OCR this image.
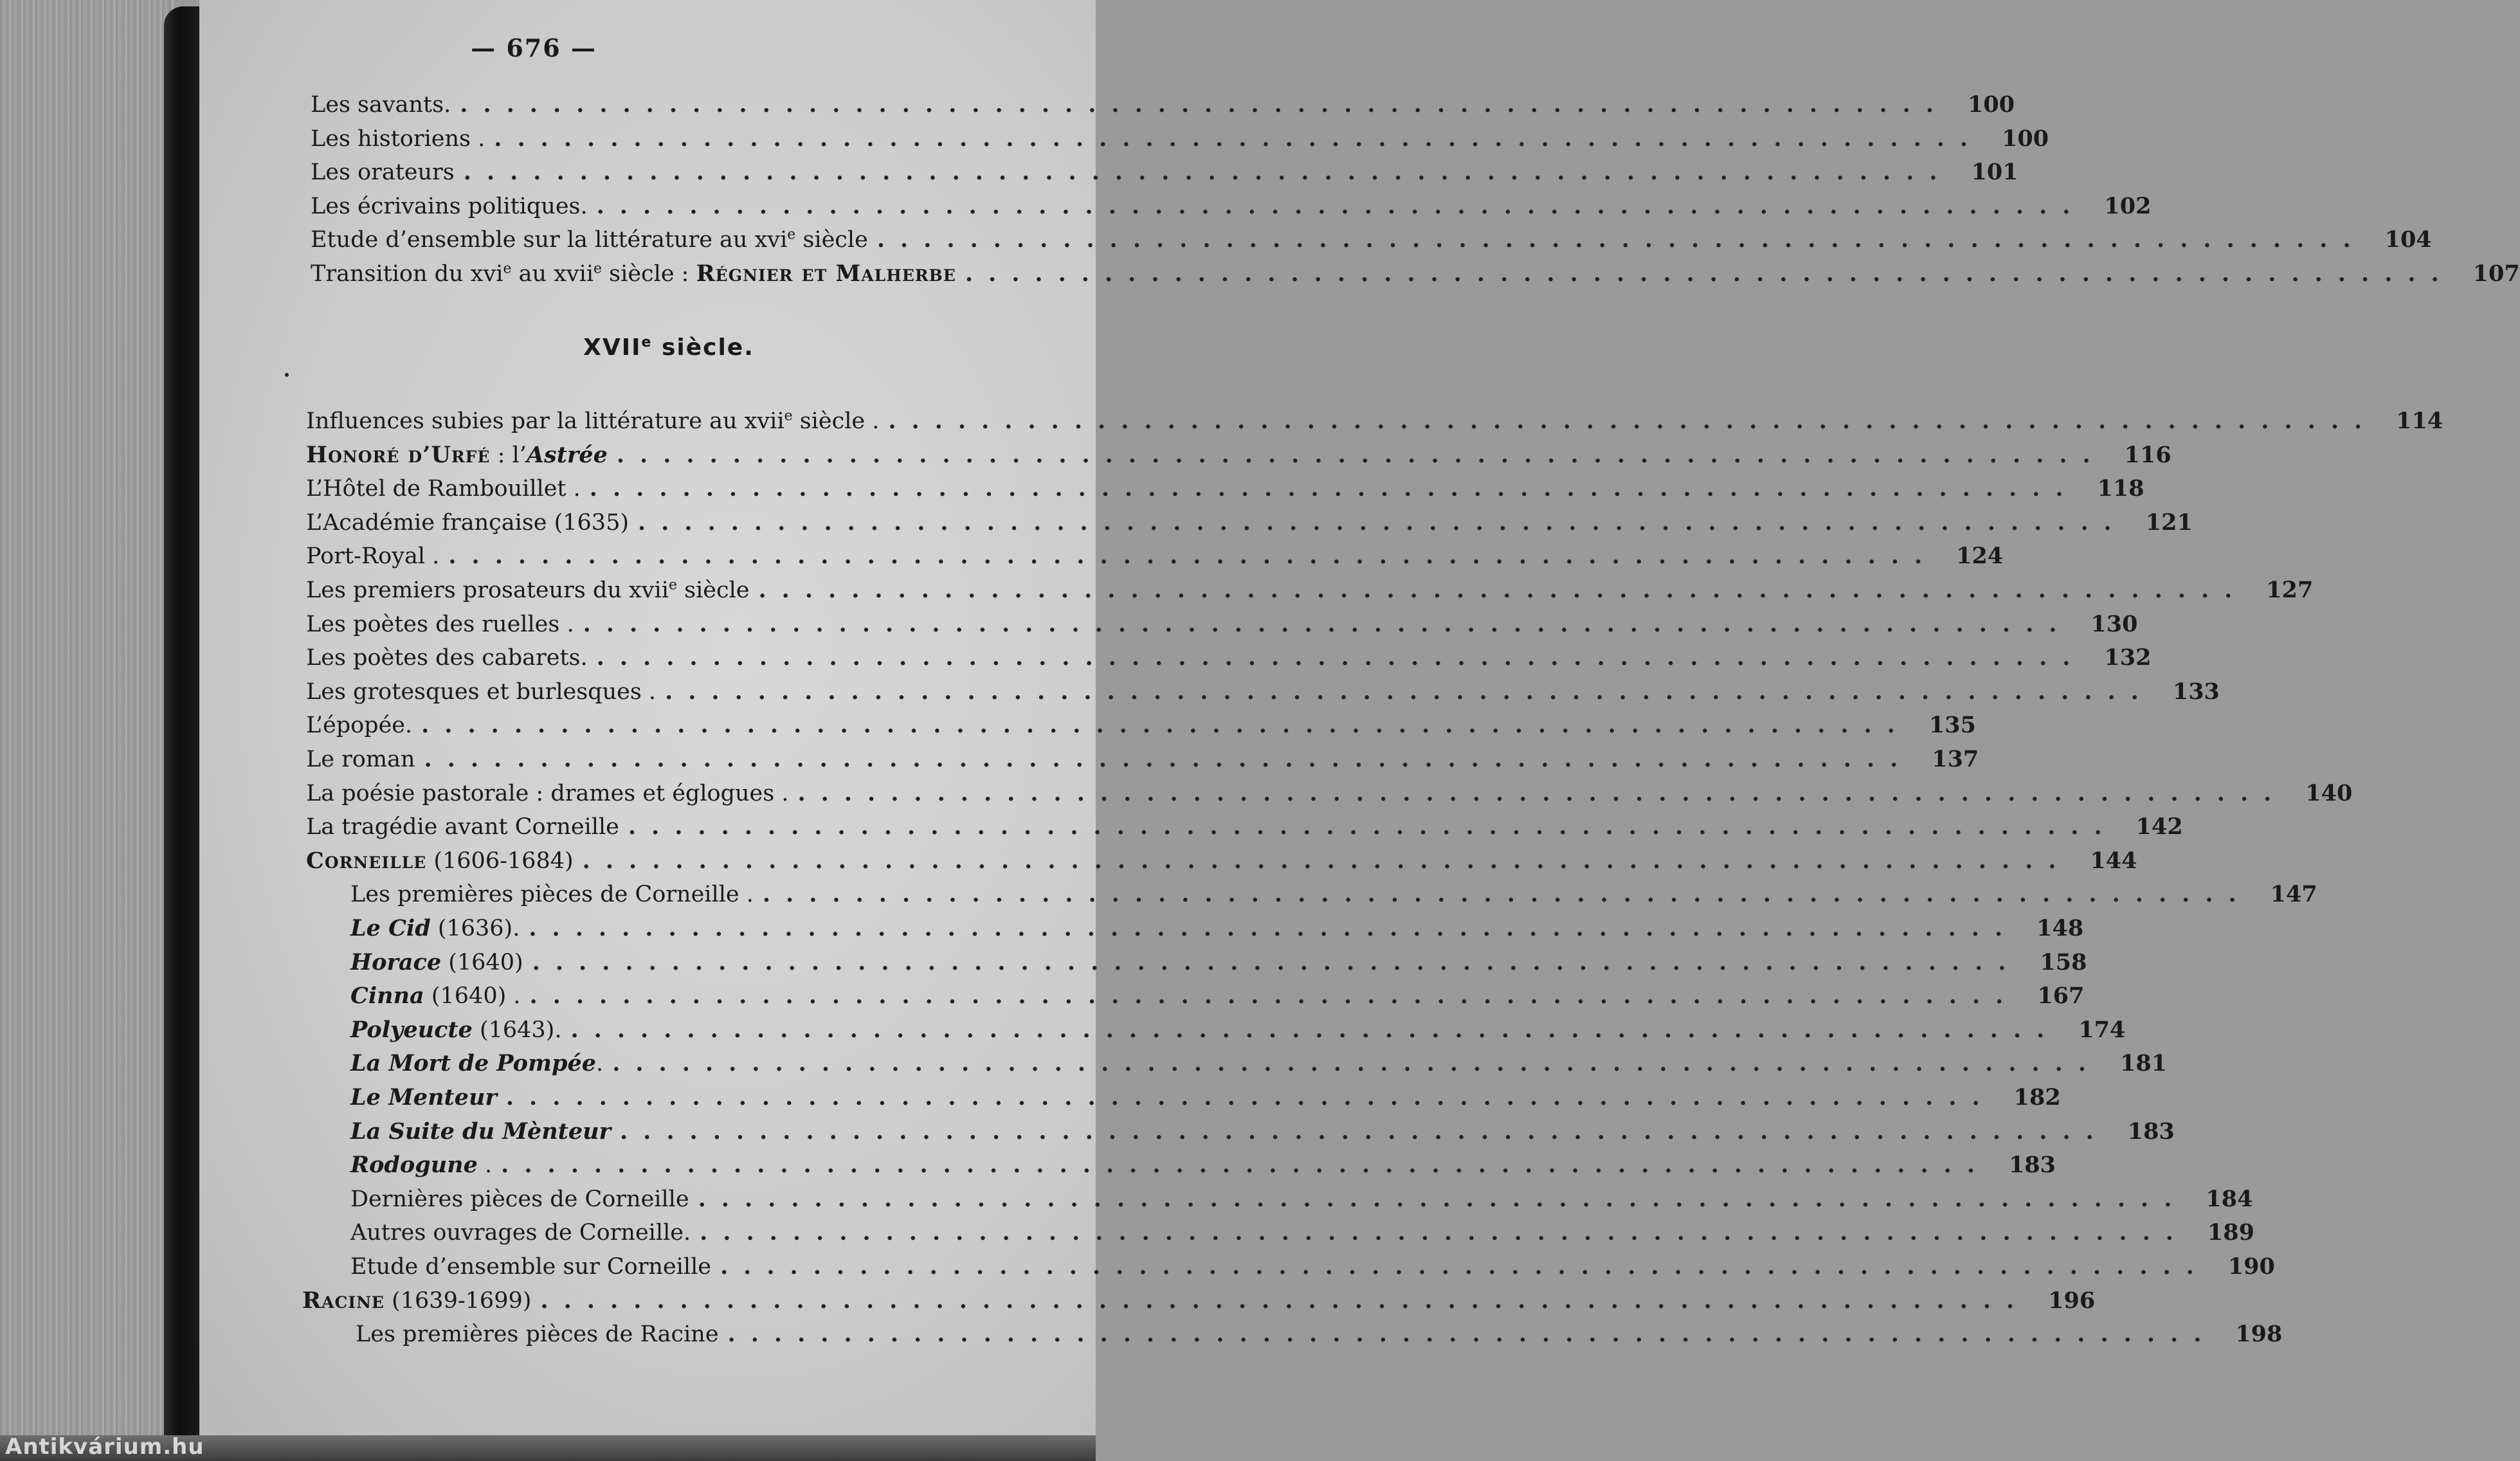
— 676 —
XVIIe siècle.
Les savants. ................................................................ 100
Les historiens . ................................................................ 100
Les orateurs ................................................................ 101
Les écrivains politiques. ................................................................ 102
Etude d’ensemble sur la littérature au xvi$^e$ siècle ................................................................ 104
Transition du xvi$^e$ au xvii$^e$ siècle : Régnier et Malherbe ................................................................ 107
Influences subies par la littérature au xvii$^e$ siècle . ................................................................ 114
Honoré d’Urfé : l’Astrée ................................................................ 116
L’Hôtel de Rambouillet . ................................................................ 118
L’Académie française (1635) ................................................................ 121
Port-Royal . ................................................................ 124
Les premiers prosateurs du xvii$^e$ siècle ................................................................ 127
Les poètes des ruelles . ................................................................ 130
Les poètes des cabarets. ................................................................ 132
Les grotesques et burlesques . ................................................................ 133
L’épopée. ................................................................ 135
Le roman ................................................................ 137
La poésie pastorale : drames et églogues . ................................................................ 140
La tragédie avant Corneille ................................................................ 142
Corneille (1606-1684) ................................................................ 144
Les premières pièces de Corneille . ................................................................ 147
Le Cid (1636). ................................................................ 148
Horace (1640) ................................................................ 158
Cinna (1640) . ................................................................ 167
Polyeucte (1643). ................................................................ 174
La Mort de Pompée. ................................................................ 181
Le Menteur ................................................................ 182
La Suite du Mènteur ................................................................ 183
Rodogune . ................................................................ 183
Dernières pièces de Corneille ................................................................ 184
Autres ouvrages de Corneille. ................................................................ 189
Etude d’ensemble sur Corneille ................................................................ 190
Racine (1639-1699) ................................................................ 196
Les premières pièces de Racine ................................................................ 198
Antikvárium.hu
